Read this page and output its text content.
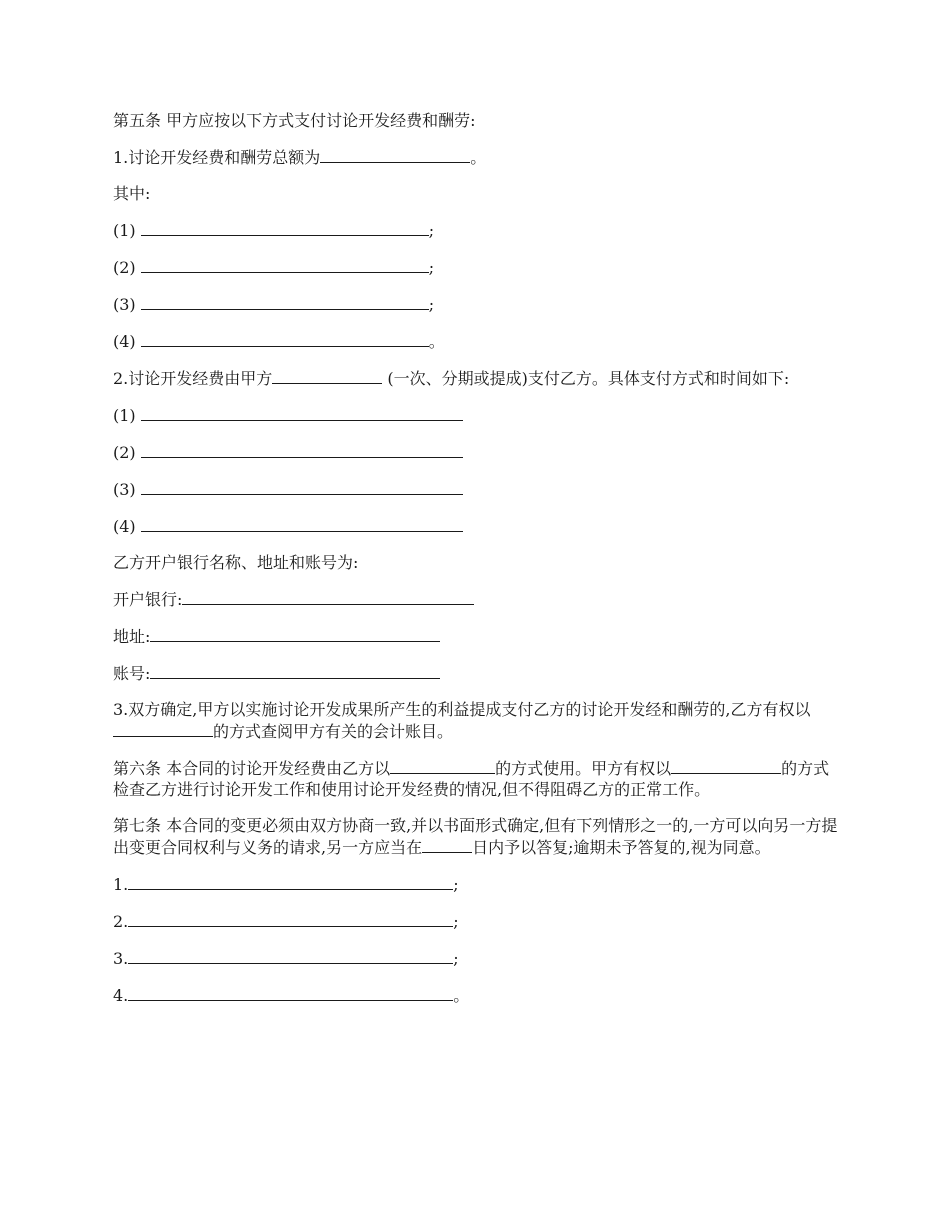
第五条 甲方应按以下方式支付讨论开发经费和酬劳:

1.讨论开发经费和酬劳总额为	。

其中:

(1)	;

(2)	;

(3)	;

(4)	。

2.讨论开发经费由甲方	(一次、分期或提成)支付乙方。具体支付方式和时间如下:

(1)

(2)

(3)

(4)

乙方开户银行名称、地址和账号为:

开户银行:

地址:

账号:

3.双方确定,甲方以实施讨论开发成果所产生的利益提成支付乙方的讨论开发经和酬劳的,乙方有权以的方式查阅甲方有关的会计账目。

第六条 本合同的讨论开发经费由乙方以	的方式使用。甲方有权以	的方式检查乙方进行讨论开发工作和使用讨论开发经费的情况,但不得阻碍乙方的正常工作。

第七条 本合同的变更必须由双方协商一致,并以书面形式确定,但有下列情形之一的,一方可以向另一方提出变更合同权利与义务的请求,另一方应当在	日内予以答复;逾期未予答复的,视为同意。

1.	;

2.	;

3.	;

4.	。
